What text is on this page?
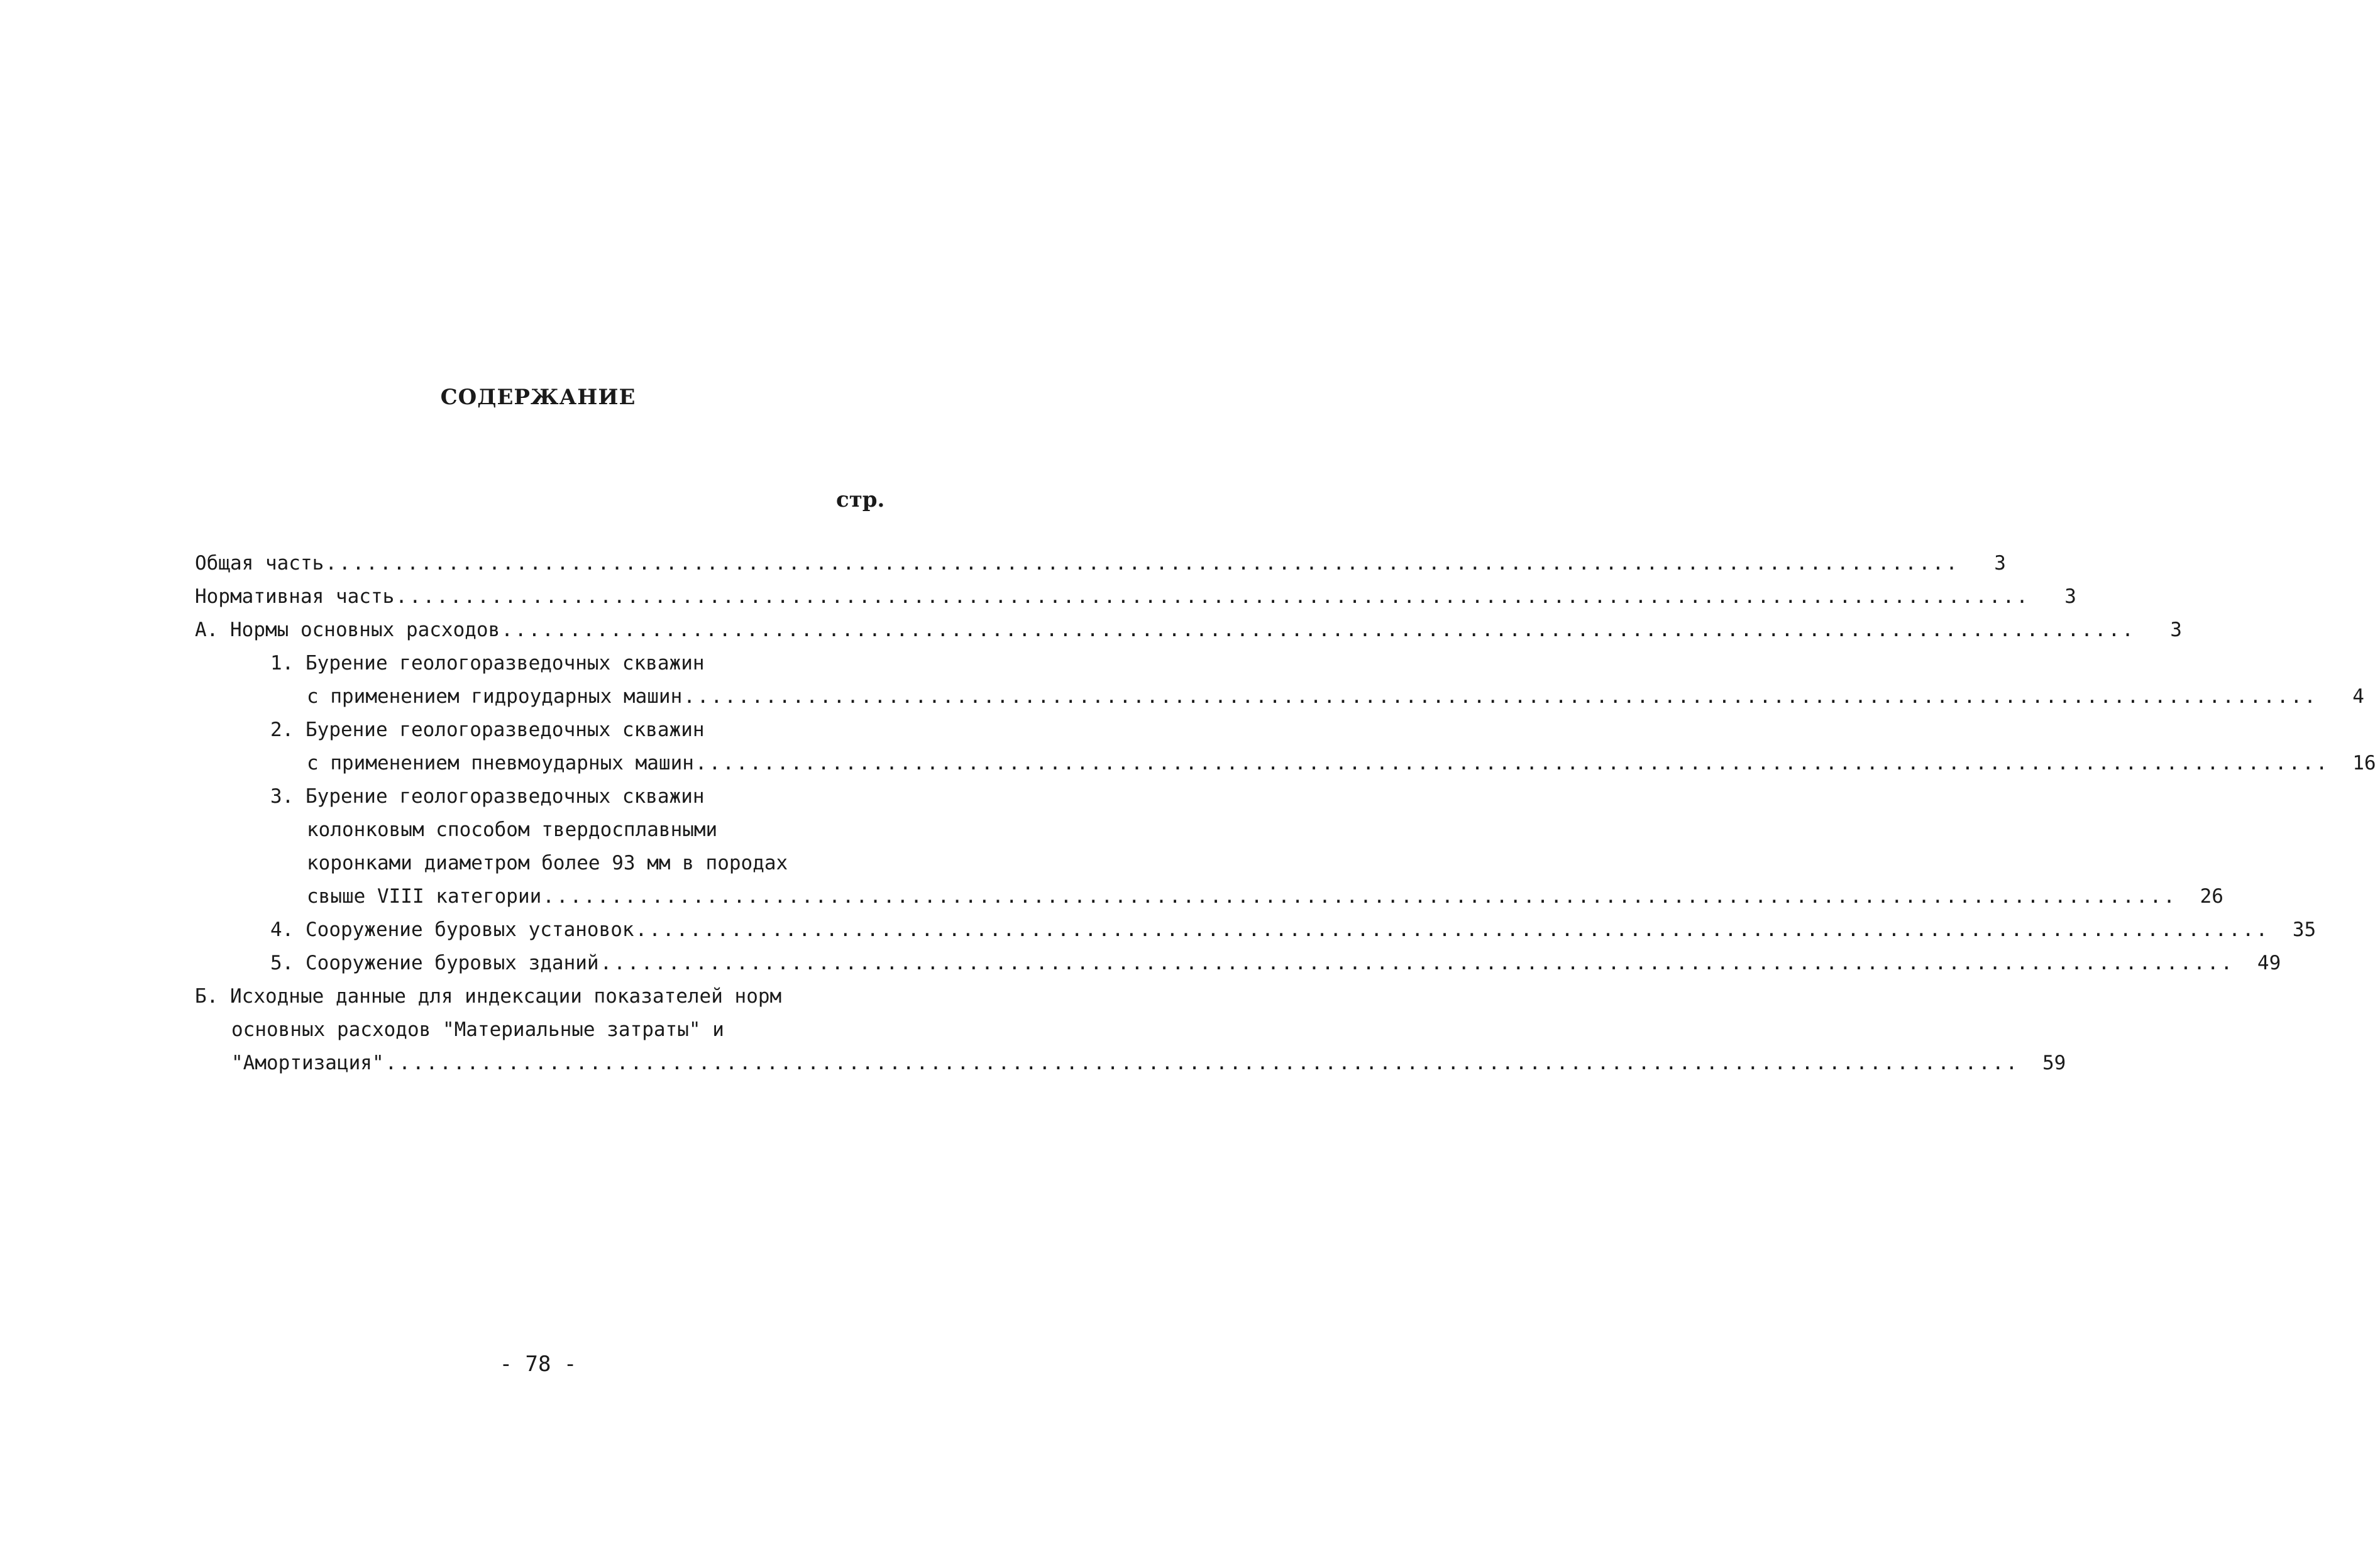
СОДЕРЖАНИЕ
стр.
Общая часть ........................................................................................................................	3
Нормативная часть ........................................................................................................................	3
А. Нормы основных расходов ........................................................................................................................	3
1. Бурение геологоразведочных скважин
с применением гидроударных машин ........................................................................................................................	4
2. Бурение геологоразведочных скважин
с применением пневмоударных машин ........................................................................................................................	16
3. Бурение геологоразведочных скважин
колонковым способом твердосплавными
коронками диаметром более 93 мм в породах
свыше VIII категории ........................................................................................................................	26
4. Сооружение буровых установок ........................................................................................................................	35
5. Сооружение буровых зданий ........................................................................................................................	49
Б. Исходные данные для индексации показателей норм
основных расходов "Материальные затраты" и
"Амортизация" ........................................................................................................................	59
- 78 -
